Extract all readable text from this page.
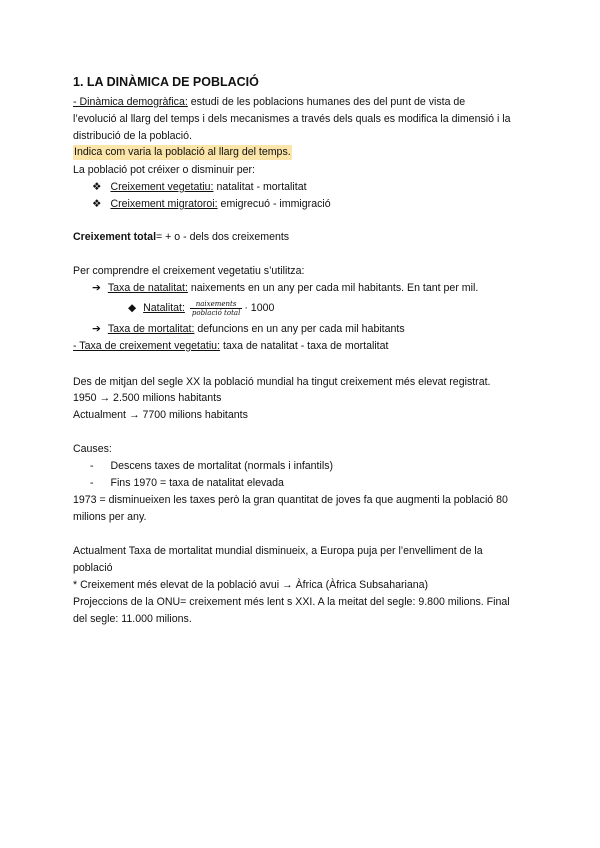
1. LA DINÀMICA DE POBLACIÓ
- Dinàmica demogràfica: estudi de les poblacions humanes des del punt de vista de
l’evolució al llarg del temps i dels mecanismes a través dels quals es modifica la dimensió i la
distribució de la població.
Indica com varia la població al llarg del temps.
La població pot créixer o disminuir per:
❖ Creixement vegetatiu: natalitat - mortalitat
❖ Creixement migratoroi: emigrecuó - immigració
Creixement total= + o - dels dos creixements
Per comprendre el creixement vegetatiu s’utilitza:
➔ Taxa de natalitat: naixements en un any per cada mil habitants. En tant per mil.
◆ Natalitat: $\frac{\text{naixements}}{\text{població total}} \cdot 1000$
➔ Taxa de mortalitat: defuncions en un any per cada mil habitants
- Taxa de creixement vegetatiu: taxa de natalitat - taxa de mortalitat
Des de mitjan del segle XX la població mundial ha tingut creixement més elevat registrat.
1950 → 2.500 milions habitants
Actualment → 7700 milions habitants
Causes:
- Descens taxes de mortalitat (normals i infantils)
- Fins 1970 = taxa de natalitat elevada
1973 = disminueixen les taxes però la gran quantitat de joves fa que augmenti la població 80
milions per any.
Actualment Taxa de mortalitat mundial disminueix, a Europa puja per l’envelliment de la
població
* Creixement més elevat de la població avui → Àfrica (Àfrica Subsahariana)
Projeccions de la ONU= creixement més lent s XXI. A la meitat del segle: 9.800 milions. Final
del segle: 11.000 milions.
